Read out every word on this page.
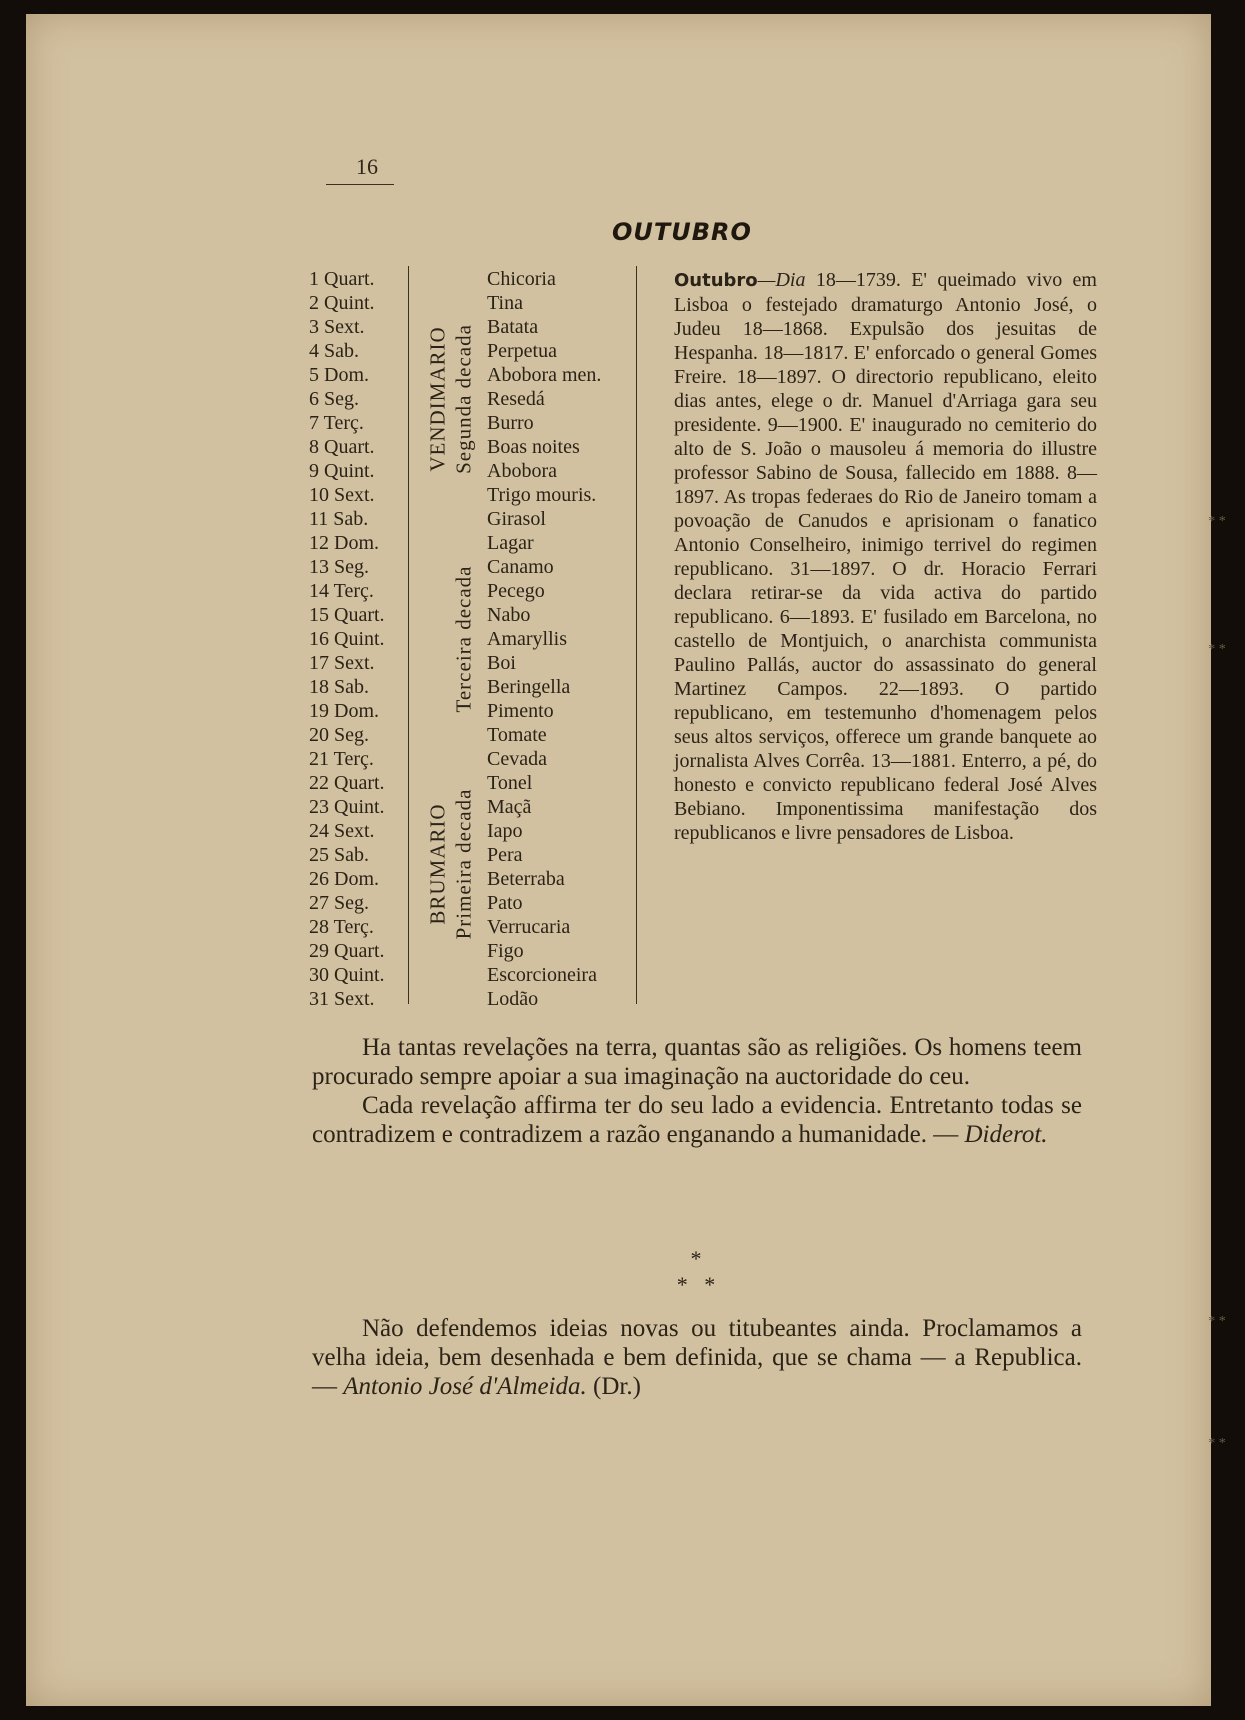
16
OUTUBRO
1 Quart.
2 Quint.
3 Sext.
4 Sab.
5 Dom.
6 Seg.
7 Terç.
8 Quart.
9 Quint.
10 Sext.
11 Sab.
12 Dom.
13 Seg.
14 Terç.
15 Quart.
16 Quint.
17 Sext.
18 Sab.
19 Dom.
20 Seg.
21 Terç.
22 Quart.
23 Quint.
24 Sext.
25 Sab.
26 Dom.
27 Seg.
28 Terç.
29 Quart.
30 Quint.
31 Sext.
VENDIMARIO Segunda decada
Terceira decada
BRUMARIO Primeira decada
Chicoria
Tina
Batata
Perpetua
Abobora men.
Resedá
Burro
Boas noites
Abobora
Trigo mouris.
Girasol
Lagar
Canamo
Pecego
Nabo
Amaryllis
Boi
Beringella
Pimento
Tomate
Cevada
Tonel
Maçã
Iapo
Pera
Beterraba
Pato
Verrucaria
Figo
Escorcioneira
Lodão
Outubro—Dia 18—1739. E' queimado vivo em Lisboa o festejado dramaturgo Antonio José, o Judeu 18—1868. Expulsão dos jesuitas de Hespanha. 18—1817. E' enforcado o general Gomes Freire. 18—1897. O directorio republicano, eleito dias antes, elege o dr. Manuel d'Arriaga gara seu presidente. 9—1900. E' inaugurado no cemiterio do alto de S. João o mausoleu á memoria do illustre professor Sabino de Sousa, fallecido em 1888. 8—1897. As tropas federaes do Rio de Janeiro tomam a povoação de Canudos e aprisionam o fanatico Antonio Conselheiro, inimigo terrivel do regimen republicano. 31—1897. O dr. Horacio Ferrari declara retirar-se da vida activa do partido republicano. 6—1893. E' fusilado em Barcelona, no castello de Montjuich, o anarchista communista Paulino Pallás, auctor do assassinato do general Martinez Campos. 22—1893. O partido republicano, em testemunho d'homenagem pelos seus altos serviços, offerece um grande banquete ao jornalista Alves Corrêa. 13—1881. Enterro, a pé, do honesto e convicto republicano federal José Alves Bebiano. Imponentissima manifestação dos republicanos e livre pensadores de Lisboa.

Ha tantas revelações na terra, quantas são as religiões. Os homens teem procurado sempre apoiar a sua imaginação na auctoridade do ceu.

Cada revelação affirma ter do seu lado a evidencia. Entretanto todas se contradizem e contradizem a razão enganando a humanidade. — Diderot.

*
*   *

Não defendemos ideias novas ou titubeantes ainda. Proclamamos a velha ideia, bem desenhada e bem definida, que se chama — a Republica. — Antonio José d'Almeida. (Dr.)

* *
* *
* *
* *
